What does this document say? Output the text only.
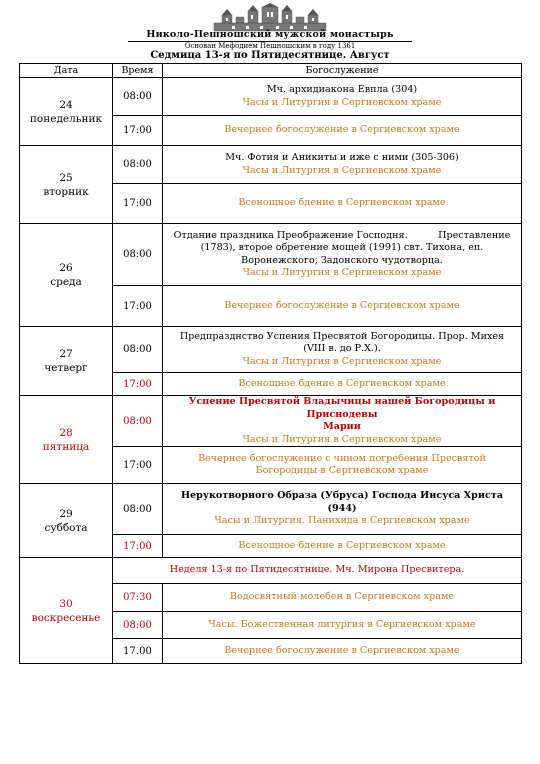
Николо-Пешношский мужской монастырь
Основан Мефодием Пешношским в году 1361
Седмица 13-я по Пятидесятнице. Август
Дата	Время	Богослужение

24
понедельник	08:00	Мч. архидиакона Евпла (304)
Часы и Литургия в Сергиевском храме

	17:00	Вечернее богослужение в Сергиевском храме

25
вторник	08:00	Мч. Фотия и Аникиты и иже с ними (305-306)
Часы и Литургия в Сергиевском храме

	17:00	Всенощное бдение в Сергиевском храме

26
среда	08:00	Отдание праздника Преображение Господня.          Преставление
(1783), второе обретение мощей (1991) свт. Тихона, еп.
Воронежского, Задонского чудотворца.
Часы и Литургия в Сергиевском храме

	17:00	Вечернее богослужение в Сергиевском храме

27
четверг	08:00	Предпразднство Успения Пресвятой Богородицы. Прор. Михея
(VIII в. до Р.Х.).
Часы и Литургия в Сергиевском храме

	17:00	Всенощное бдение в Сергиевском храме

28
пятница	08:00	Успение Пресвятой Владычицы нашей Богородицы и Приснодевы
Марии
Часы и Литургия в Сергиевском храме

	17:00	Вечернее богослужение с чином погребения Пресвятой
Богородицы в Сергиевском храме

29
суббота	08:00	Нерукотворного Образа (Убруса) Господа Иисуса Христа (944)
Часы и Литургия. Панихида в Сергиевском храме

	17:00	Всенощное бдение в Сергиевском храме

30
воскресенье	Неделя 13-я по Пятидесятнице. Мч. Мирона Пресвитера.	

	07:30	Водосвятный молебен в Сергиевском храме

	08:00	Часы. Божественная литургия в Сергиевском храме

	17.00	Вечернее богослужение в Сергиевском храме
